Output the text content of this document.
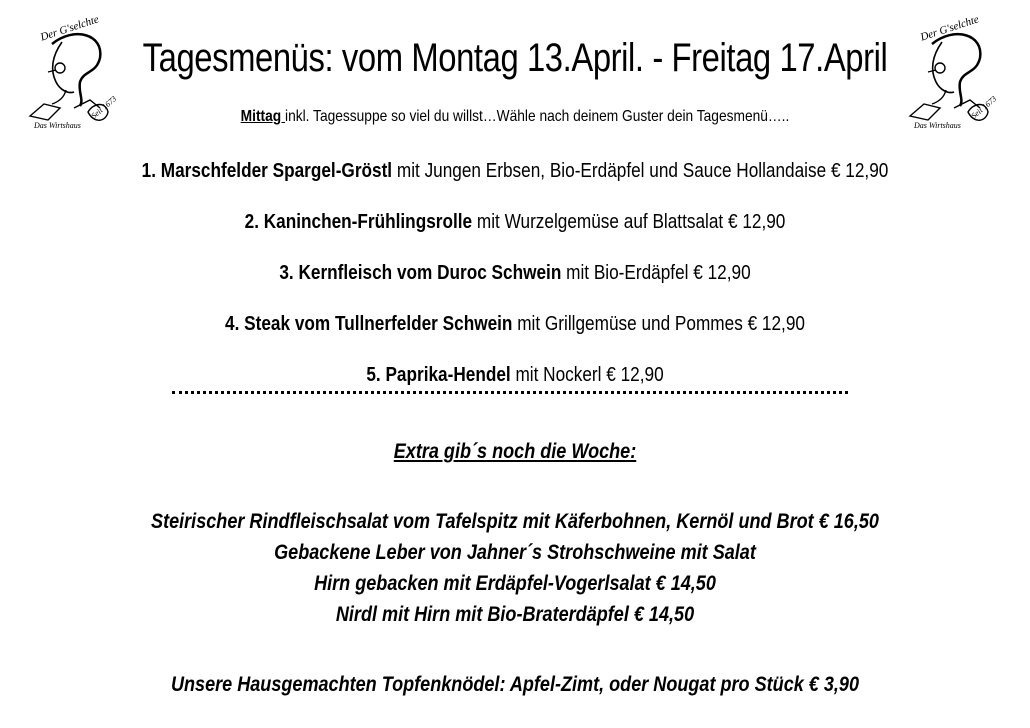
Der G'selchte
Seit 1673
Das Wirtshaus
Der G'selchte
Seit 1673
Das Wirtshaus
Tagesmenüs: vom Montag 13.April. - Freitag 17.April
Mittag inkl. Tagessuppe so viel du willst…Wähle nach deinem Guster dein Tagesmenü…..
1. Marschfelder Spargel-Gröstl mit Jungen Erbsen, Bio-Erdäpfel und Sauce Hollandaise € 12,90
2. Kaninchen-Frühlingsrolle mit Wurzelgemüse auf Blattsalat € 12,90
3. Kernfleisch vom Duroc Schwein mit Bio-Erdäpfel € 12,90
4. Steak vom Tullnerfelder Schwein mit Grillgemüse und Pommes € 12,90
5. Paprika-Hendel mit Nockerl € 12,90
Extra gib´s noch die Woche:
Steirischer Rindfleischsalat vom Tafelspitz mit Käferbohnen, Kernöl und Brot € 16,50
Gebackene Leber von Jahner´s Strohschweine mit Salat
Hirn gebacken mit Erdäpfel-Vogerlsalat € 14,50
Nirdl mit Hirn mit Bio-Braterdäpfel € 14,50
Unsere Hausgemachten Topfenknödel: Apfel-Zimt, oder Nougat pro Stück € 3,90
